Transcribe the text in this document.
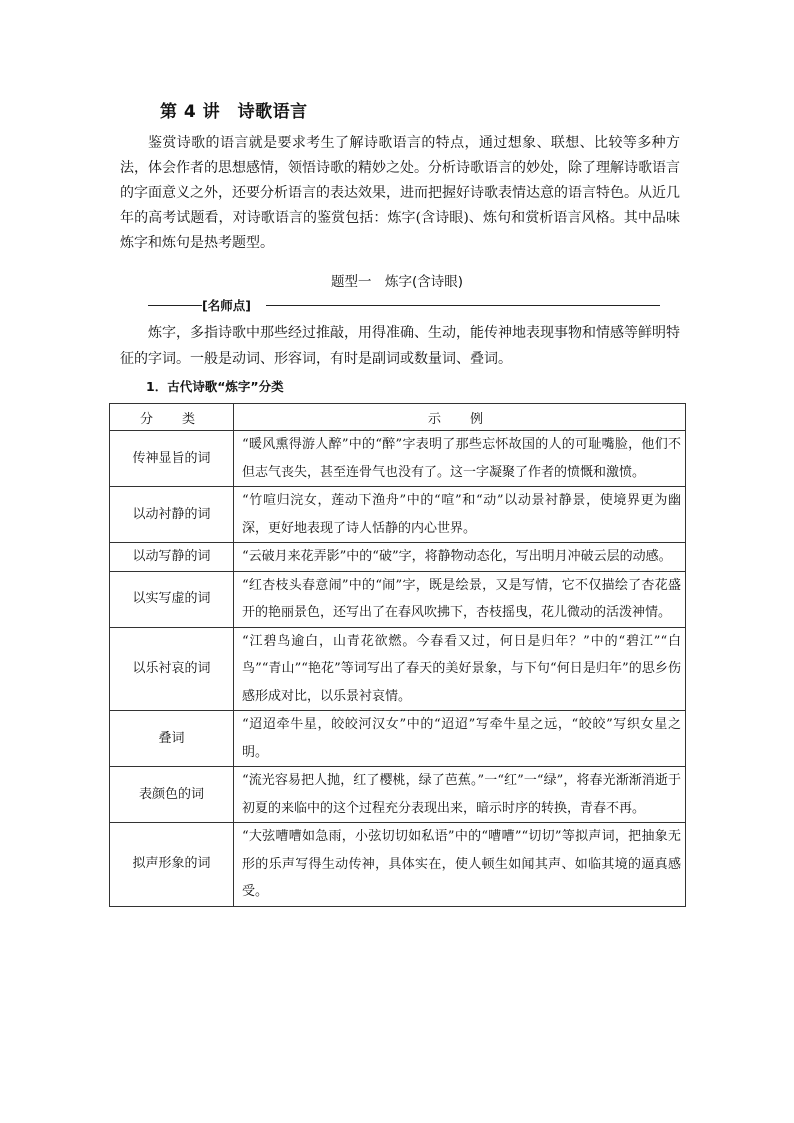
第 4 讲　诗歌语言

鉴赏诗歌的语言就是要求考生了解诗歌语言的特点，通过想象、联想、比较等多种方法，体会作者的思想感情，领悟诗歌的精妙之处。分析诗歌语言的妙处，除了理解诗歌语言的字面意义之外，还要分析语言的表达效果，进而把握好诗歌表情达意的语言特色。从近几年的高考试题看，对诗歌语言的鉴赏包括：炼字(含诗眼)、炼句和赏析语言风格。其中品味炼字和炼句是热考题型。

题型一　炼字(含诗眼)
[名师点]

炼字，多指诗歌中那些经过推敲，用得准确、生动，能传神地表现事物和情感等鲜明特征的字词。一般是动词、形容词，有时是副词或数量词、叠词。

1．古代诗歌“炼字”分类
分　类	示　例
传神显旨的词	“暖风熏得游人醉”中的“醉”字表明了那些忘怀故国的人的可耻嘴脸，他们不但志气丧失，甚至连骨气也没有了。这一字凝聚了作者的愤慨和激愤。
以动衬静的词	“竹喧归浣女，莲动下渔舟”中的“喧”和“动”以动景衬静景，使境界更为幽深，更好地表现了诗人恬静的内心世界。
以动写静的词	“云破月来花弄影”中的“破”字，将静物动态化，写出明月冲破云层的动感。
以实写虚的词	“红杏枝头春意闹”中的“闹”字，既是绘景，又是写情，它不仅描绘了杏花盛开的艳丽景色，还写出了在春风吹拂下，杏枝摇曳，花儿微动的活泼神情。
以乐衬哀的词	“江碧鸟逾白，山青花欲燃。今春看又过，何日是归年？”中的“碧江”“白鸟”“青山”“艳花”等词写出了春天的美好景象，与下句“何日是归年”的思乡伤感形成对比，以乐景衬哀情。
叠词	“迢迢牵牛星，皎皎河汉女”中的“迢迢”写牵牛星之远，“皎皎”写织女星之明。
表颜色的词	“流光容易把人抛，红了樱桃，绿了芭蕉。”一“红”一“绿”，将春光渐渐消逝于初夏的来临中的这个过程充分表现出来，暗示时序的转换，青春不再。
拟声形象的词	“大弦嘈嘈如急雨，小弦切切如私语”中的“嘈嘈”“切切”等拟声词，把抽象无形的乐声写得生动传神，具体实在，使人顿生如闻其声、如临其境的逼真感受。
